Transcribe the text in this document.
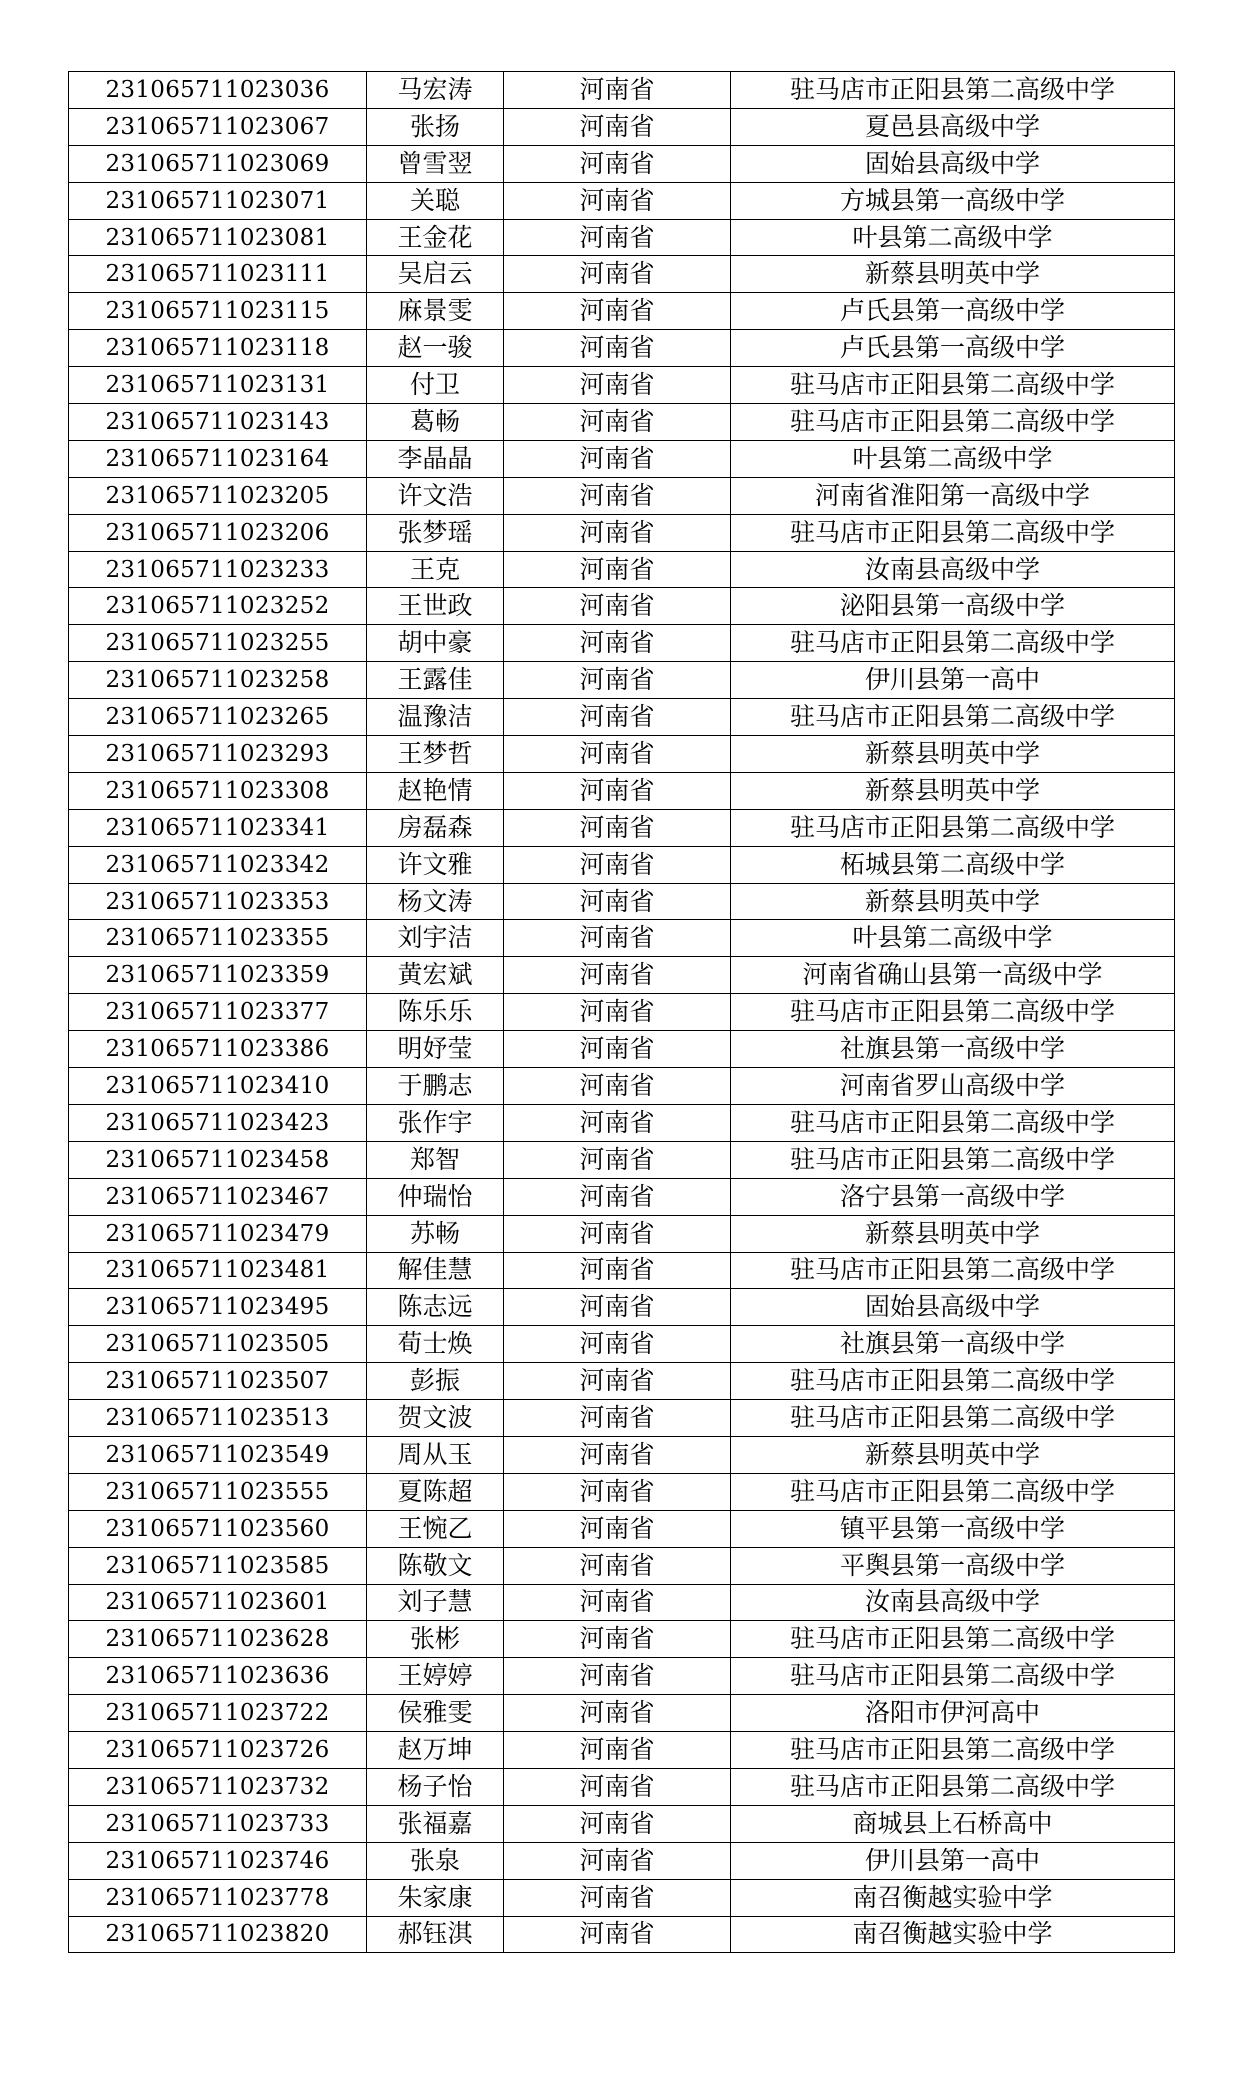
231065711023036	马宏涛	河南省	驻马店市正阳县第二高级中学
231065711023067	张扬	河南省	夏邑县高级中学
231065711023069	曾雪翌	河南省	固始县高级中学
231065711023071	关聪	河南省	方城县第一高级中学
231065711023081	王金花	河南省	叶县第二高级中学
231065711023111	吴启云	河南省	新蔡县明英中学
231065711023115	麻景雯	河南省	卢氏县第一高级中学
231065711023118	赵一骏	河南省	卢氏县第一高级中学
231065711023131	付卫	河南省	驻马店市正阳县第二高级中学
231065711023143	葛畅	河南省	驻马店市正阳县第二高级中学
231065711023164	李晶晶	河南省	叶县第二高级中学
231065711023205	许文浩	河南省	河南省淮阳第一高级中学
231065711023206	张梦瑶	河南省	驻马店市正阳县第二高级中学
231065711023233	王克	河南省	汝南县高级中学
231065711023252	王世政	河南省	泌阳县第一高级中学
231065711023255	胡中豪	河南省	驻马店市正阳县第二高级中学
231065711023258	王露佳	河南省	伊川县第一高中
231065711023265	温豫洁	河南省	驻马店市正阳县第二高级中学
231065711023293	王梦哲	河南省	新蔡县明英中学
231065711023308	赵艳情	河南省	新蔡县明英中学
231065711023341	房磊森	河南省	驻马店市正阳县第二高级中学
231065711023342	许文雅	河南省	柘城县第二高级中学
231065711023353	杨文涛	河南省	新蔡县明英中学
231065711023355	刘宇洁	河南省	叶县第二高级中学
231065711023359	黄宏斌	河南省	河南省确山县第一高级中学
231065711023377	陈乐乐	河南省	驻马店市正阳县第二高级中学
231065711023386	明妤莹	河南省	社旗县第一高级中学
231065711023410	于鹏志	河南省	河南省罗山高级中学
231065711023423	张作宇	河南省	驻马店市正阳县第二高级中学
231065711023458	郑智	河南省	驻马店市正阳县第二高级中学
231065711023467	仲瑞怡	河南省	洛宁县第一高级中学
231065711023479	苏畅	河南省	新蔡县明英中学
231065711023481	解佳慧	河南省	驻马店市正阳县第二高级中学
231065711023495	陈志远	河南省	固始县高级中学
231065711023505	荀士焕	河南省	社旗县第一高级中学
231065711023507	彭振	河南省	驻马店市正阳县第二高级中学
231065711023513	贺文波	河南省	驻马店市正阳县第二高级中学
231065711023549	周从玉	河南省	新蔡县明英中学
231065711023555	夏陈超	河南省	驻马店市正阳县第二高级中学
231065711023560	王惋乙	河南省	镇平县第一高级中学
231065711023585	陈敬文	河南省	平舆县第一高级中学
231065711023601	刘子慧	河南省	汝南县高级中学
231065711023628	张彬	河南省	驻马店市正阳县第二高级中学
231065711023636	王婷婷	河南省	驻马店市正阳县第二高级中学
231065711023722	侯雅雯	河南省	洛阳市伊河高中
231065711023726	赵万坤	河南省	驻马店市正阳县第二高级中学
231065711023732	杨子怡	河南省	驻马店市正阳县第二高级中学
231065711023733	张福嘉	河南省	商城县上石桥高中
231065711023746	张泉	河南省	伊川县第一高中
231065711023778	朱家康	河南省	南召衡越实验中学
231065711023820	郝钰淇	河南省	南召衡越实验中学
